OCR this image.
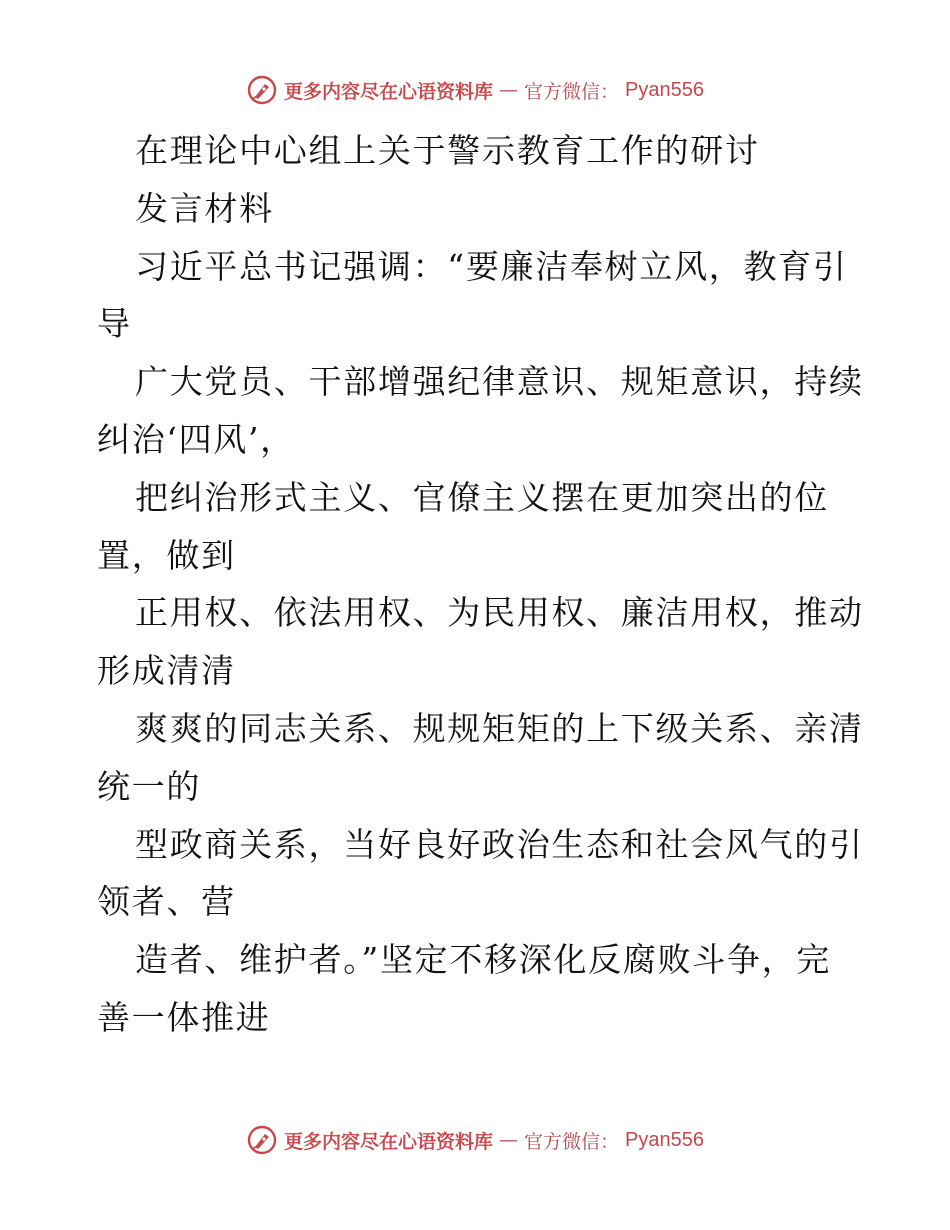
更多内容尽在心语资料库 — 官方微信： Pyan556
在理论中心组上关于警示教育工作的研讨
发言材料
习近平总书记强调：“要廉洁奉树立风，教育引
导
广大党员、干部增强纪律意识、规矩意识，持续
纠治‘四风’，
把纠治形式主义、官僚主义摆在更加突出的位
置，做到
正用权、依法用权、为民用权、廉洁用权，推动
形成清清
爽爽的同志关系、规规矩矩的上下级关系、亲清
统一的
型政商关系，当好良好政治生态和社会风气的引
领者、营
造者、维护者。”坚定不移深化反腐败斗争，完
善一体推进
更多内容尽在心语资料库 — 官方微信： Pyan556
